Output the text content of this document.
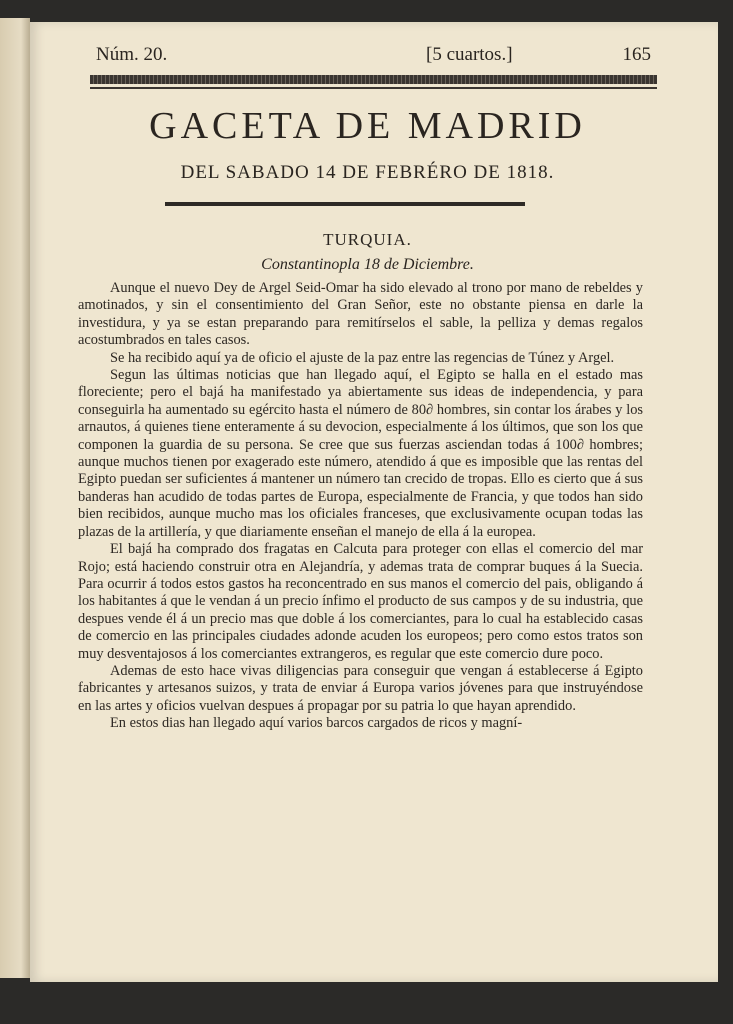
Núm. 20.	[5 cuartos.]	165
GACETA DE MADRID
DEL SABADO 14 DE FEBRÉRO DE 1818.
TURQUIA.
Constantinopla 18 de Diciembre.

Aunque el nuevo Dey de Argel Seid-Omar ha sido elevado al trono por mano de rebeldes y amotinados, y sin el consentimiento del Gran Señor, este no obstante piensa en darle la investidura, y ya se estan preparando para remitírselos el sable, la pelliza y demas regalos acostumbrados en tales casos.

Se ha recibido aquí ya de oficio el ajuste de la paz entre las regencias de Túnez y Argel.

Segun las últimas noticias que han llegado aquí, el Egipto se halla en el estado mas floreciente; pero el bajá ha manifestado ya abiertamente sus ideas de independencia, y para conseguirla ha aumentado su egército hasta el número de 80∂ hombres, sin contar los árabes y los arnautos, á quienes tiene enteramente á su devocion, especialmente á los últimos, que son los que componen la guardia de su persona. Se cree que sus fuerzas asciendan todas á 100∂ hombres; aunque muchos tienen por exagerado este número, atendido á que es imposible que las rentas del Egipto puedan ser suficientes á mantener un número tan crecido de tropas. Ello es cierto que á sus banderas han acudido de todas partes de Europa, especialmente de Francia, y que todos han sido bien recibidos, aunque mucho mas los oficiales franceses, que exclusivamente ocupan todas las plazas de la artillería, y que diariamente enseñan el manejo de ella á la europea.

El bajá ha comprado dos fragatas en Calcuta para proteger con ellas el comercio del mar Rojo; está haciendo construir otra en Alejandría, y ademas trata de comprar buques á la Suecia. Para ocurrir á todos estos gastos ha reconcentrado en sus manos el comercio del pais, obligando á los habitantes á que le vendan á un precio ínfimo el producto de sus campos y de su industria, que despues vende él á un precio mas que doble á los comerciantes, para lo cual ha establecido casas de comercio en las principales ciudades adonde acuden los europeos; pero como estos tratos son muy desventajosos á los comerciantes extrangeros, es regular que este comercio dure poco.

Ademas de esto hace vivas diligencias para conseguir que vengan á establecerse á Egipto fabricantes y artesanos suizos, y trata de enviar á Europa varios jóvenes para que instruyéndose en las artes y oficios vuelvan despues á propagar por su patria lo que hayan aprendido.

En estos dias han llegado aquí varios barcos cargados de ricos y magní-
